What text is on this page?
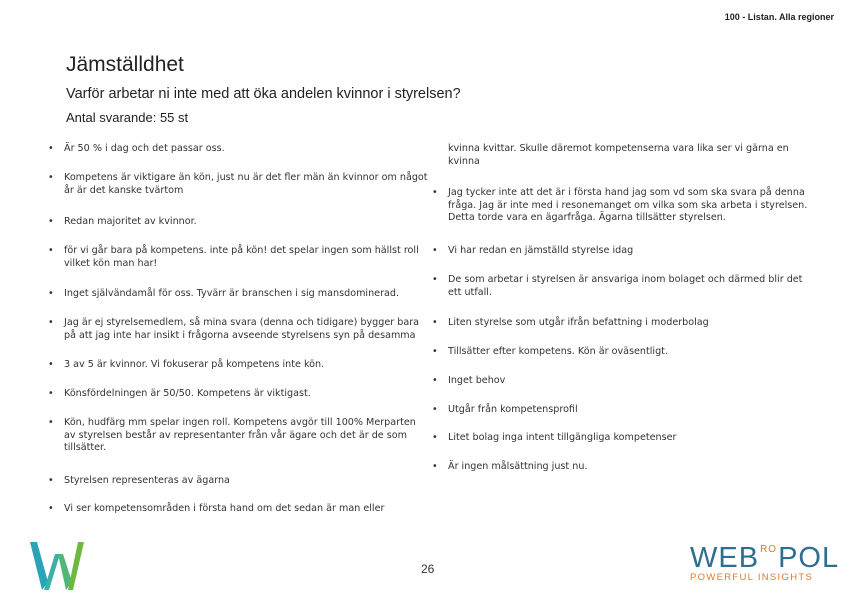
100 - Listan. Alla regioner
Jämställdhet
Varför arbetar ni inte med att öka andelen kvinnor i styrelsen?
Antal svarande: 55 st
•	Är 50 % i dag och det passar oss.
•	Kompetens är viktigare än kön, just nu är det fler män än kvinnor om något år är det kanske tvärtom
•	Redan majoritet av kvinnor.
•	för vi går bara på kompetens. inte på kön! det spelar ingen som hällst roll vilket kön man har!
•	Inget självändamål för oss. Tyvärr är branschen i sig mansdominerad.
•	Jag är ej styrelsemedlem, så mina svara (denna och tidigare) bygger bara på att jag inte har insikt i frågorna avseende styrelsens syn på desamma
•	3 av 5 är kvinnor. Vi fokuserar på kompetens inte kön.
•	Könsfördelningen är 50/50. Kompetens är viktigast.
•	Kön, hudfärg mm spelar ingen roll. Kompetens avgör till 100% Merparten av styrelsen består av representanter från vår ägare och det är de som tillsätter.
•	Styrelsen representeras av ägarna
•	Vi ser kompetensområden i första hand om det sedan är man eller
kvinna kvittar. Skulle däremot kompetenserna vara lika ser vi gärna en kvinna
•	Jag tycker inte att det är i första hand jag som vd som ska svara på denna fråga. Jag är inte med i resonemanget om vilka som ska arbeta i styrelsen. Detta torde vara en ägarfråga. Ägarna tillsätter styrelsen.
•	Vi har redan en jämställd styrelse idag
•	De som arbetar i styrelsen är ansvariga inom bolaget och därmed blir det ett utfall.
•	Liten styrelse som utgår ifrån befattning i moderbolag
•	Tillsätter efter kompetens. Kön är oväsentligt.
•	Inget behov
•	Utgår från kompetensprofil
•	Litet bolag inga intent tillgängliga kompetenser
•	Är ingen målsättning just nu.
26	WEBROPOL
POWERFUL INSIGHTS
